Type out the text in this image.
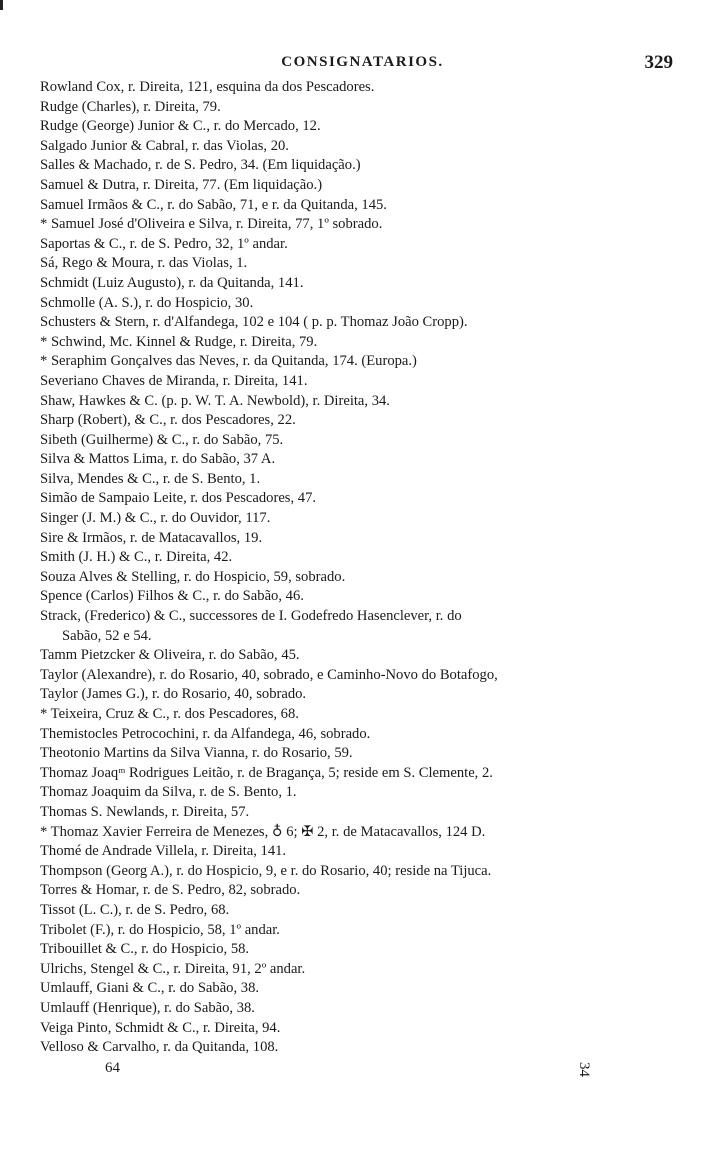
CONSIGNATARIOS.	329
Rowland Cox, r. Direita, 121, esquina da dos Pescadores.
Rudge (Charles), r. Direita, 79.
Rudge (George) Junior & C., r. do Mercado, 12.
Salgado Junior & Cabral, r. das Violas, 20.
Salles & Machado, r. de S. Pedro, 34. (Em liquidação.)
Samuel & Dutra, r. Direita, 77. (Em liquidação.)
Samuel Irmãos & C., r. do Sabão, 71, e r. da Quitanda, 145.
* Samuel José d'Oliveira e Silva, r. Direita, 77, 1º sobrado.
Saportas & C., r. de S. Pedro, 32, 1º andar.
Sá, Rego & Moura, r. das Violas, 1.
Schmidt (Luiz Augusto), r. da Quitanda, 141.
Schmolle (A. S.), r. do Hospicio, 30.
Schusters & Stern, r. d'Alfandega, 102 e 104 ( p. p. Thomaz João Cropp).
* Schwind, Mc. Kinnel & Rudge, r. Direita, 79.
* Seraphim Gonçalves das Neves, r. da Quitanda, 174. (Europa.)
Severiano Chaves de Miranda, r. Direita, 141.
Shaw, Hawkes & C. (p. p. W. T. A. Newbold), r. Direita, 34.
Sharp (Robert), & C., r. dos Pescadores, 22.
Sibeth (Guilherme) & C., r. do Sabão, 75.
Silva & Mattos Lima, r. do Sabão, 37 A.
Silva, Mendes & C., r. de S. Bento, 1.
Simão de Sampaio Leite, r. dos Pescadores, 47.
Singer (J. M.) & C., r. do Ouvidor, 117.
Sire & Irmãos, r. de Matacavallos, 19.
Smith (J. H.) & C., r. Direita, 42.
Souza Alves & Stelling, r. do Hospicio, 59, sobrado.
Spence (Carlos) Filhos & C., r. do Sabão, 46.
Strack, (Frederico) & C., successores de I. Godefredo Hasenclever, r. do
Sabão, 52 e 54.
Tamm Pietzcker & Oliveira, r. do Sabão, 45.
Taylor (Alexandre), r. do Rosario, 40, sobrado, e Caminho-Novo do Botafogo,
Taylor (James G.), r. do Rosario, 40, sobrado.
* Teixeira, Cruz & C., r. dos Pescadores, 68.
Themistocles Petrocochini, r. da Alfandega, 46, sobrado.
Theotonio Martins da Silva Vianna, r. do Rosario, 59.
Thomaz Joaqᵐ Rodrigues Leitão, r. de Bragança, 5; reside em S. Clemente, 2.
Thomaz Joaquim da Silva, r. de S. Bento, 1.
Thomas S. Newlands, r. Direita, 57.
* Thomaz Xavier Ferreira de Menezes, ♁ 6; ✠ 2, r. de Matacavallos, 124 D.
Thomé de Andrade Villela, r. Direita, 141.
Thompson (Georg A.), r. do Hospicio, 9, e r. do Rosario, 40; reside na Tijuca.
Torres & Homar, r. de S. Pedro, 82, sobrado.
Tissot (L. C.), r. de S. Pedro, 68.
Tribolet (F.), r. do Hospicio, 58, 1º andar.
Tribouillet & C., r. do Hospicio, 58.
Ulrichs, Stengel & C., r. Direita, 91, 2º andar.
Umlauff, Giani & C., r. do Sabão, 38.
Umlauff (Henrique), r. do Sabão, 38.
Veiga Pinto, Schmidt & C., r. Direita, 94.
Velloso & Carvalho, r. da Quitanda, 108.
64	34
